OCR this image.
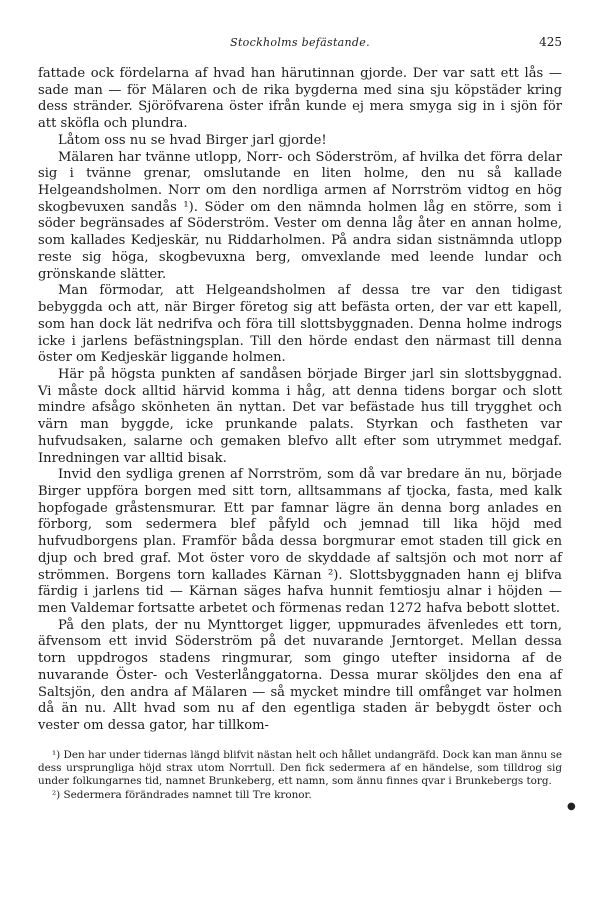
Stockholms befästande.	425

fattade ock fördelarna af hvad han härutinnan gjorde. Der var satt ett lås — sade man — för Mälaren och de rika bygderna med sina sju köpstäder kring dess stränder. Sjöröfvarena öster ifrån kunde ej mera smyga sig in i sjön för att sköfla och plundra.

Låtom oss nu se hvad Birger jarl gjorde!

Mälaren har tvänne utlopp, Norr- och Söderström, af hvilka det förra delar sig i tvänne grenar, omslutande en liten holme, den nu så kallade Helgeandsholmen. Norr om den nordliga armen af Norrström vidtog en hög skogbevuxen sandås ¹). Söder om den nämnda holmen låg en större, som i söder begränsades af Söderström. Vester om denna låg åter en annan holme, som kallades Kedjeskär, nu Riddarholmen. På andra sidan sistnämnda utlopp reste sig höga, skogbevuxna berg, omvexlande med leende lundar och grönskande slätter.

Man förmodar, att Helgeandsholmen af dessa tre var den tidigast bebyggda och att, när Birger företog sig att befästa orten, der var ett kapell, som han dock lät nedrifva och föra till slottsbyggnaden. Denna holme indrogs icke i jarlens befästningsplan. Till den hörde endast den närmast till denna öster om Kedjeskär liggande holmen.

Här på högsta punkten af sandåsen började Birger jarl sin slottsbyggnad. Vi måste dock alltid härvid komma i håg, att denna tidens borgar och slott mindre afsågo skönheten än nyttan. Det var befästade hus till trygghet och värn man byggde, icke prunkande palats. Styrkan och fastheten var hufvudsaken, salarne och gemaken blefvo allt efter som utrymmet medgaf. Inredningen var alltid bisak.

Invid den sydliga grenen af Norrström, som då var bredare än nu, började Birger uppföra borgen med sitt torn, alltsammans af tjocka, fasta, med kalk hopfogade gråstensmurar. Ett par famnar lägre än denna borg anlades en förborg, som sedermera blef påfyld och jemnad till lika höjd med hufvudborgens plan. Framför båda dessa borgmurar emot staden till gick en djup och bred graf. Mot öster voro de skyddade af saltsjön och mot norr af strömmen. Borgens torn kallades Kärnan ²). Slottsbyggnaden hann ej blifva färdig i jarlens tid — Kärnan säges hafva hunnit femtiosju alnar i höjden — men Valdemar fortsatte arbetet och förmenas redan 1272 hafva bebott slottet.

På den plats, der nu Mynttorget ligger, uppmurades äfvenledes ett torn, äfvensom ett invid Söderström på det nuvarande Jerntorget. Mellan dessa torn uppdrogos stadens ringmurar, som gingo utefter insidorna af de nuvarande Öster- och Vesterlånggatorna. Dessa murar sköljdes den ena af Saltsjön, den andra af Mälaren — så mycket mindre till omfånget var holmen då än nu. Allt hvad som nu af den egentliga staden är bebygdt öster och vester om dessa gator, har tillkom-

¹) Den har under tidernas längd blifvit nästan helt och hållet undangräfd. Dock kan man ännu se dess ursprungliga höjd strax utom Norrtull. Den fick sedermera af en händelse, som tilldrog sig under folkungarnes tid, namnet Brunkeberg, ett namn, som ännu finnes qvar i Brunkebergs torg.

²) Sedermera förändrades namnet till Tre kronor.

●
